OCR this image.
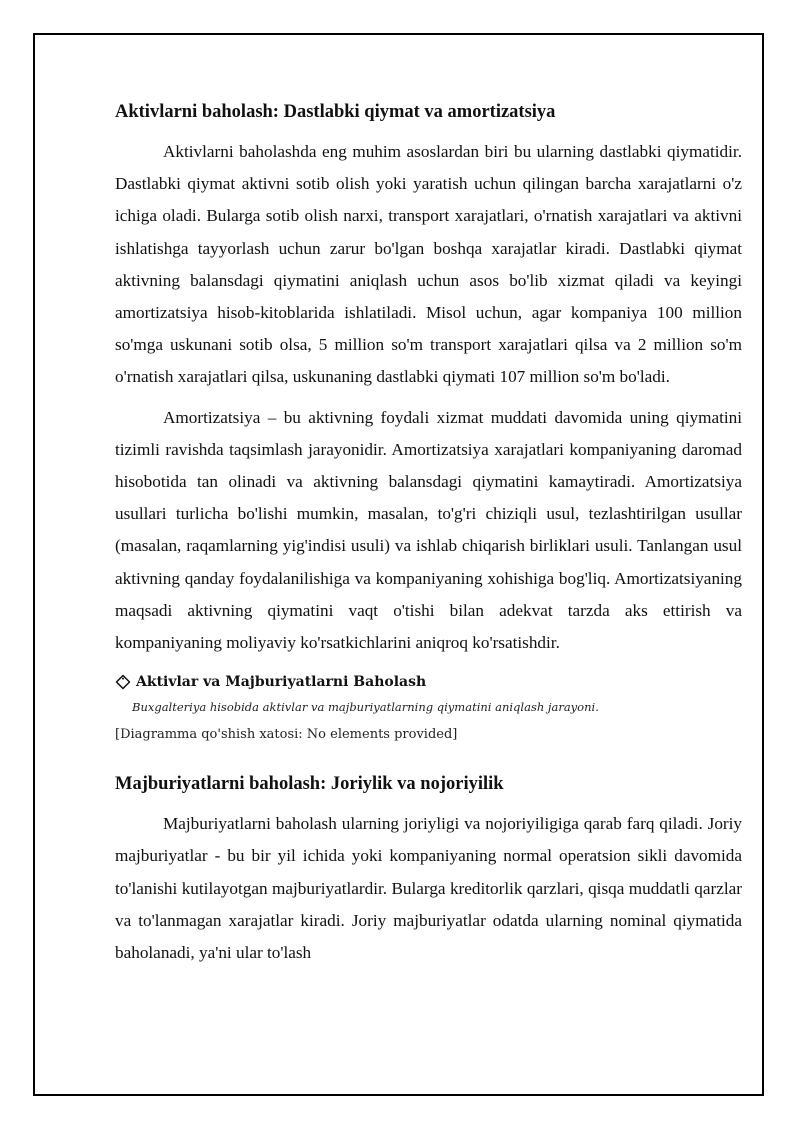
Aktivlarni baholash: Dastlabki qiymat va amortizatsiya

Aktivlarni baholashda eng muhim asoslardan biri bu ularning dastlabki qiymatidir. Dastlabki qiymat aktivni sotib olish yoki yaratish uchun qilingan barcha xarajatlarni o'z ichiga oladi. Bularga sotib olish narxi, transport xarajatlari, o'rnatish xarajatlari va aktivni ishlatishga tayyorlash uchun zarur bo'lgan boshqa xarajatlar kiradi. Dastlabki qiymat aktivning balansdagi qiymatini aniqlash uchun asos bo'lib xizmat qiladi va keyingi amortizatsiya hisob-kitoblarida ishlatiladi. Misol uchun, agar kompaniya 100 million so'mga uskunani sotib olsa, 5 million so'm transport xarajatlari qilsa va 2 million so'm o'rnatish xarajatlari qilsa, uskunaning dastlabki qiymati 107 million so'm bo'ladi.

Amortizatsiya – bu aktivning foydali xizmat muddati davomida uning qiymatini tizimli ravishda taqsimlash jarayonidir. Amortizatsiya xarajatlari kompaniyaning daromad hisobotida tan olinadi va aktivning balansdagi qiymatini kamaytiradi. Amortizatsiya usullari turlicha bo'lishi mumkin, masalan, to'g'ri chiziqli usul, tezlashtirilgan usullar (masalan, raqamlarning yig'indisi usuli) va ishlab chiqarish birliklari usuli. Tanlangan usul aktivning qanday foydalanilishiga va kompaniyaning xohishiga bog'liq. Amortizatsiyaning maqsadi aktivning qiymatini vaqt o'tishi bilan adekvat tarzda aks ettirish va kompaniyaning moliyaviy ko'rsatkichlarini aniqroq ko'rsatishdir.

Aktivlar va Majburiyatlarni Baholash
Buxgalteriya hisobida aktivlar va majburiyatlarning qiymatini aniqlash jarayoni.
[Diagramma qo'shish xatosi: No elements provided]
Majburiyatlarni baholash: Joriylik va nojoriyilik

Majburiyatlarni baholash ularning joriyligi va nojoriyiligiga qarab farq qiladi. Joriy majburiyatlar - bu bir yil ichida yoki kompaniyaning normal operatsion sikli davomida to'lanishi kutilayotgan majburiyatlardir. Bularga kreditorlik qarzlari, qisqa muddatli qarzlar va to'lanmagan xarajatlar kiradi. Joriy majburiyatlar odatda ularning nominal qiymatida baholanadi, ya'ni ular to'lash
